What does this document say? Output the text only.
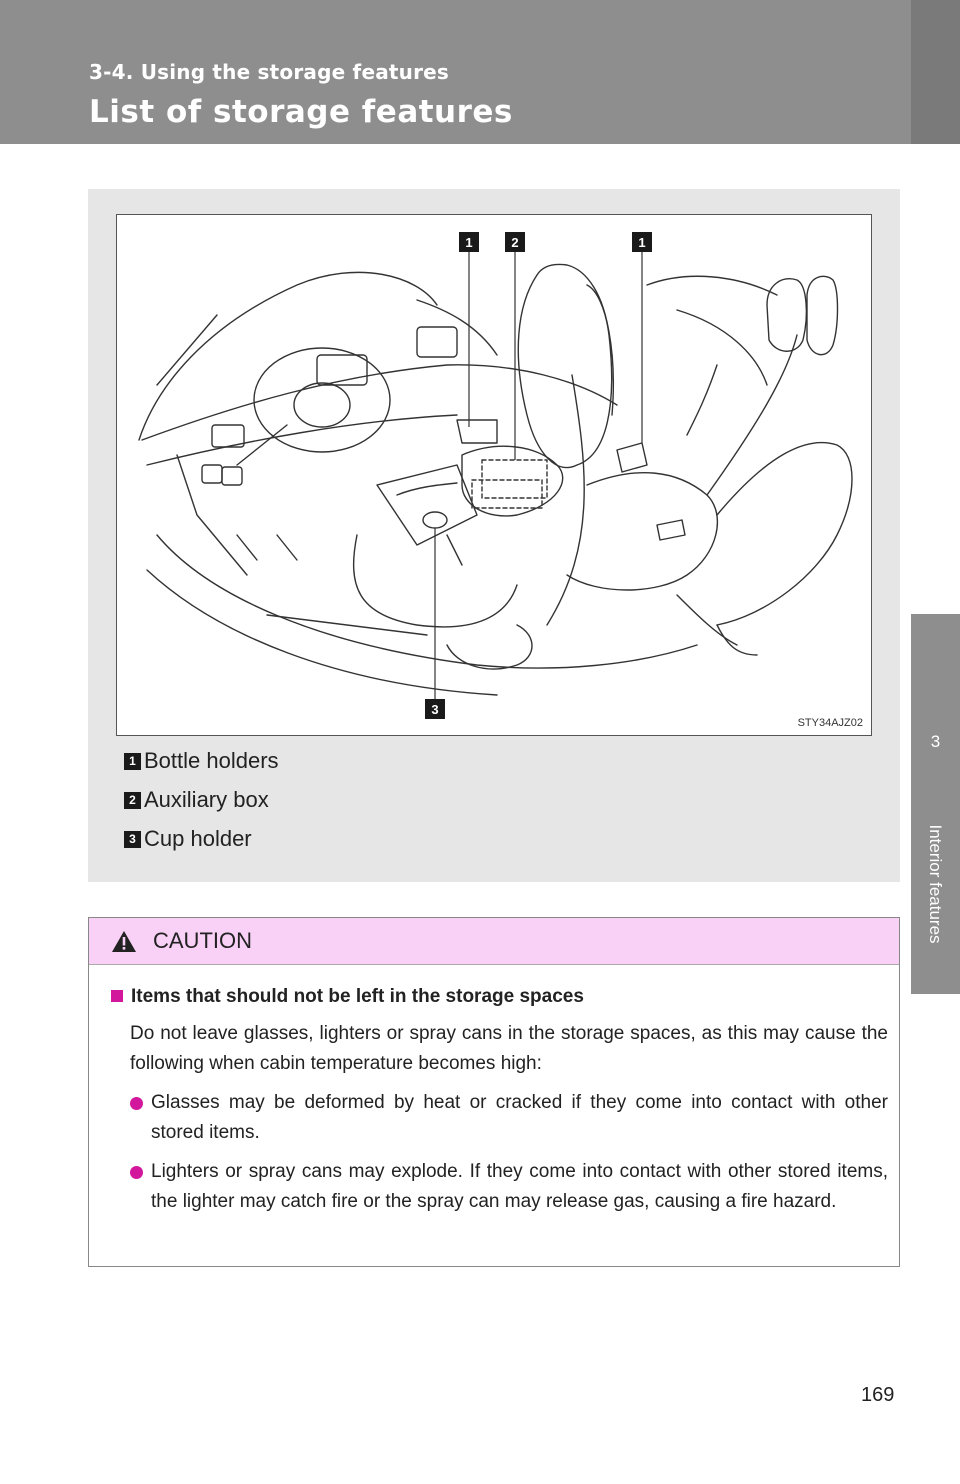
3-4. Using the storage features
List of storage features
3
Interior features
1	2	1
3
STY34AJZ02
1 Bottle holders
2 Auxiliary box
3 Cup holder
CAUTION
Items that should not be left in the storage spaces
Do not leave glasses, lighters or spray cans in the storage spaces, as this may cause the following when cabin temperature becomes high:
Glasses may be deformed by heat or cracked if they come into contact with other stored items.
Lighters or spray cans may explode. If they come into contact with other stored items, the lighter may catch fire or the spray can may release gas, causing a fire hazard.
169
